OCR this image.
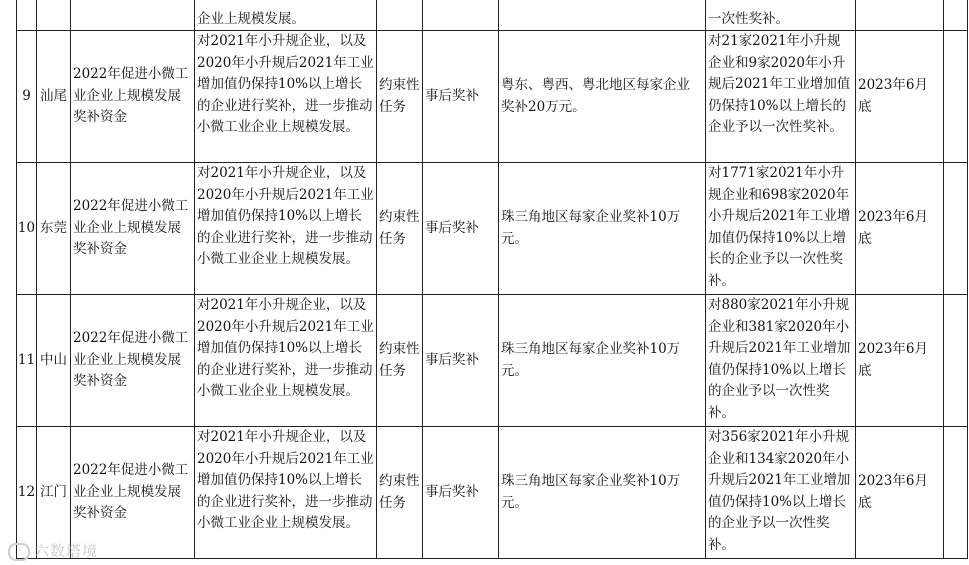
			企业上规模发展。				一次性奖补。		
9	汕尾	2022年促进小微工业企业上规模发展奖补资金	对2021年小升规企业，以及2020年小升规后2021年工业增加值仍保持10%以上增长的企业进行奖补，进一步推动小微工业企业上规模发展。	约束性任务	事后奖补	粤东、粤西、粤北地区每家企业奖补20万元。	对21家2021年小升规企业和9家2020年小升规后2021年工业增加值仍保持10%以上增长的企业予以一次性奖补。	2023年6月底	
10	东莞	2022年促进小微工业企业上规模发展奖补资金	对2021年小升规企业，以及2020年小升规后2021年工业增加值仍保持10%以上增长的企业进行奖补，进一步推动小微工业企业上规模发展。	约束性任务	事后奖补	珠三角地区每家企业奖补10万元。	对1771家2021年小升规企业和698家2020年小升规后2021年工业增加值仍保持10%以上增长的企业予以一次性奖补。	2023年6月底	
11	中山	2022年促进小微工业企业上规模发展奖补资金	对2021年小升规企业，以及2020年小升规后2021年工业增加值仍保持10%以上增长的企业进行奖补，进一步推动小微工业企业上规模发展。	约束性任务	事后奖补	珠三角地区每家企业奖补10万元。	对880家2021年小升规企业和381家2020年小升规后2021年工业增加值仍保持10%以上增长的企业予以一次性奖补。	2023年6月底	
12	江门	2022年促进小微工业企业上规模发展奖补资金	对2021年小升规企业，以及2020年小升规后2021年工业增加值仍保持10%以上增长的企业进行奖补，进一步推动小微工业企业上规模发展。	约束性任务	事后奖补	珠三角地区每家企业奖补10万元。	对356家2021年小升规企业和134家2020年小升规后2021年工业增加值仍保持10%以上增长的企业予以一次性奖补。	2023年6月底	
六数塔境
